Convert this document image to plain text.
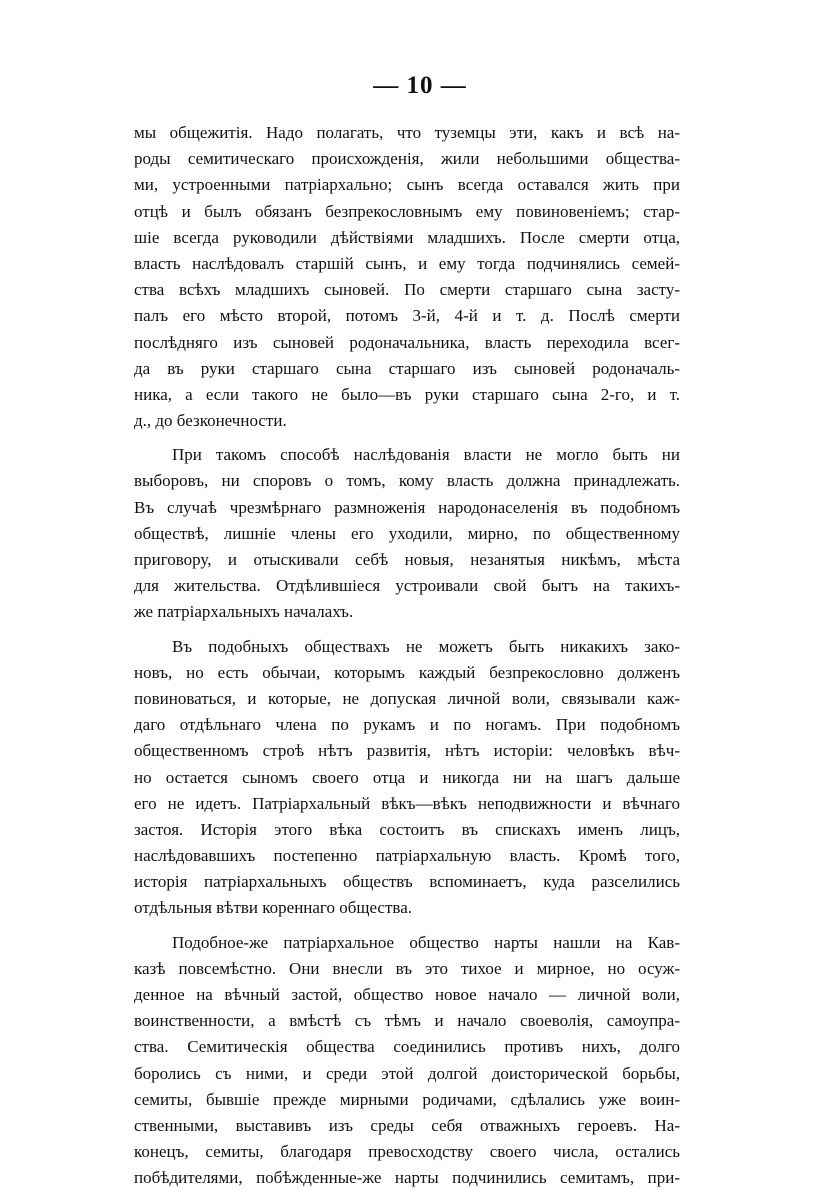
— 10 —
мы общежитія. Надо полагать, что туземцы эти, какъ и всѣ на-
роды семитическаго происхожденія, жили небольшими общества-
ми, устроенными патріархально; сынъ всегда оставался жить при
отцѣ и былъ обязанъ безпрекословнымъ ему повиновеніемъ; стар-
шіе всегда руководили дѣйствіями младшихъ. После смерти отца,
власть наслѣдовалъ старшій сынъ, и ему тогда подчинялись семей-
ства всѣхъ младшихъ сыновей. По смерти старшаго сына засту-
палъ его мѣсто второй, потомъ 3-й, 4-й и т. д. Послѣ смерти
послѣдняго изъ сыновей родоначальника, власть переходила всег-
да въ руки старшаго сына старшаго изъ сыновей родоначаль-
ника, а если такого не было—въ руки старшаго сына 2-го, и т.
д., до безконечности.
При такомъ способѣ наслѣдованія власти не могло быть ни
выборовъ, ни споровъ о томъ, кому власть должна принадлежать.
Въ случаѣ чрезмѣрнаго размноженія народонаселенія въ подобномъ
обществѣ, лишніе члены его уходили, мирно, по общественному
приговору, и отыскивали себѣ новыя, незанятыя никѣмъ, мѣста
для жительства. Отдѣлившіеся устроивали свой бытъ на такихъ-
же патріархальныхъ началахъ.
Въ подобныхъ обществахъ не можетъ быть никакихъ зако-
новъ, но есть обычаи, которымъ каждый безпрекословно долженъ
повиноваться, и которые, не допуская личной воли, связывали каж-
даго отдѣльнаго члена по рукамъ и по ногамъ. При подобномъ
общественномъ строѣ нѣтъ развитія, нѣтъ исторіи: человѣкъ вѣч-
но остается сыномъ своего отца и никогда ни на шагъ дальше
его не идетъ. Патріархальный вѣкъ—вѣкъ неподвижности и вѣчнаго
застоя. Исторія этого вѣка состоитъ въ спискахъ именъ лицъ,
наслѣдовавшихъ постепенно патріархальную власть. Кромѣ того,
исторія патріархальныхъ обществъ вспоминаетъ, куда разселились
отдѣльныя вѣтви кореннаго общества.
Подобное-же патріархальное общество нарты нашли на Кав-
казѣ повсемѣстно. Они внесли въ это тихое и мирное, но осуж-
денное на вѣчный застой, общество новое начало — личной воли,
воинственности, а вмѣстѣ съ тѣмъ и начало своеволія, самоупра-
ства. Семитическія общества соединились противъ нихъ, долго
боролись съ ними, и среди этой долгой доисторической борьбы,
семиты, бывшіе прежде мирными родичами, сдѣлались уже воин-
ственными, выставивъ изъ среды себя отважныхъ героевъ. На-
конецъ, семиты, благодаря превосходству своего числа, остались
побѣдителями, побѣжденные-же нарты подчинились семитамъ, при-
